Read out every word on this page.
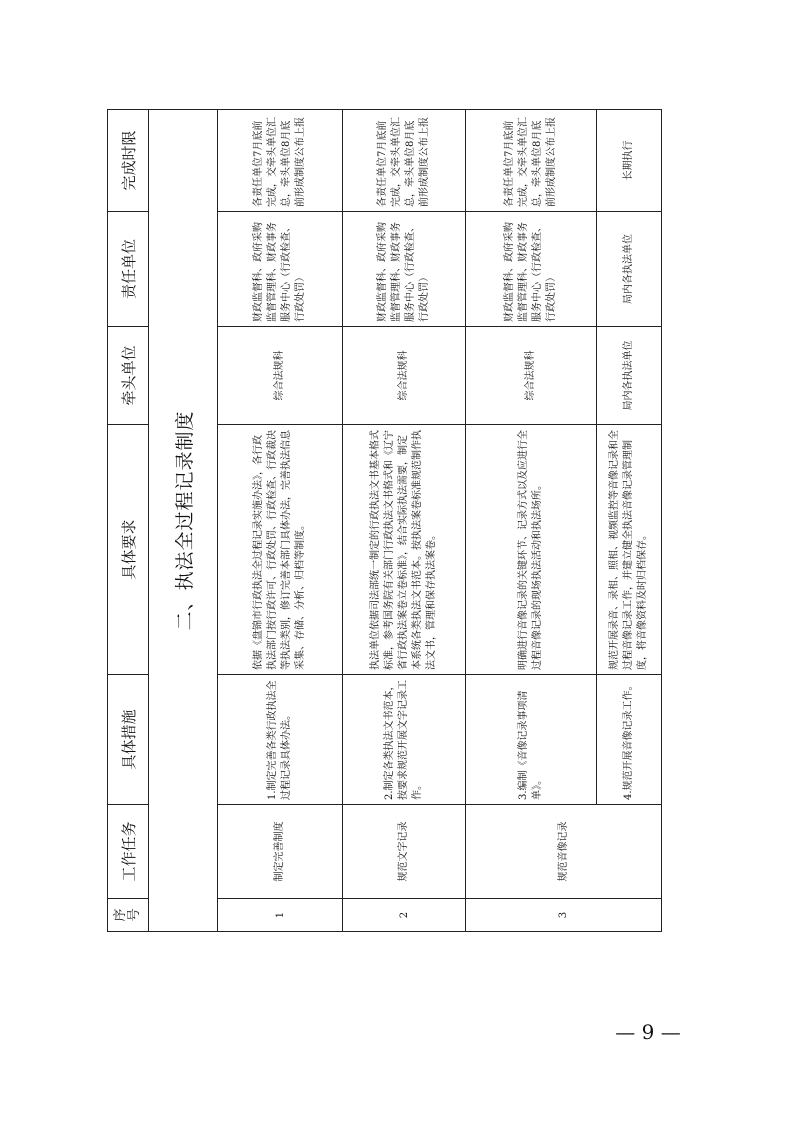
序号	工作任务	具体措施	具体要求	牵头单位	责任单位	完成时限
二、执法全过程记录制度						
1	制定完善制度	1.制定完善各类行政执法全过程记录具体办法。	依据《盘锦市行政执法全过程记录实施办法》，各行政执法部门按行政许可、行政处罚、行政检查、行政裁决等执法类别，修订完善本部门具体办法，完善执法信息采集、存储、分析、归档等制度。	综合法规科	财政监督科、政府采购监督管理科、财政事务服务中心（行政检查、行政处罚）	各责任单位7月底前完成，交牵头单位汇总，牵头单位8月底前形成制度公布上报
2	规范文字记录	2.制定各类执法文书范本，按要求规范开展文字记录工作。	执法单位依据司法部统一制定的行政执法文书基本格式标准，参考国务院有关部门行政执法文书格式和《辽宁省行政执法案卷立卷标准》，结合实际执法需要，制定本系统各类执法文书范本。按执法案卷标准规范制作执法文书，管理和保存执法案卷。	综合法规科	财政监督科、政府采购监督管理科、财政事务服务中心（行政检查、行政处罚）	各责任单位7月底前完成，交牵头单位汇总，牵头单位8月底前形成制度公布上报
3	规范音像记录	3.编制《音像记录事项清单》。	明确进行音像记录的关键环节、记录方式以及应进行全过程音像记录的现场执法活动和执法场所。	综合法规科	财政监督科、政府采购监督管理科、财政事务服务中心（行政检查、行政处罚）	各责任单位7月底前完成，交牵头单位汇总，牵头单位8月底前形成制度公布上报
		4.规范开展音像记录工作。	规范开展录音、录相、照相、视频监控等音像记录和全过程音像记录工作，并建立健全执法音像记录管理制度，将音像资料及时归档保存。	局内各执法单位	局内各执法单位	长期执行
— 9 —
